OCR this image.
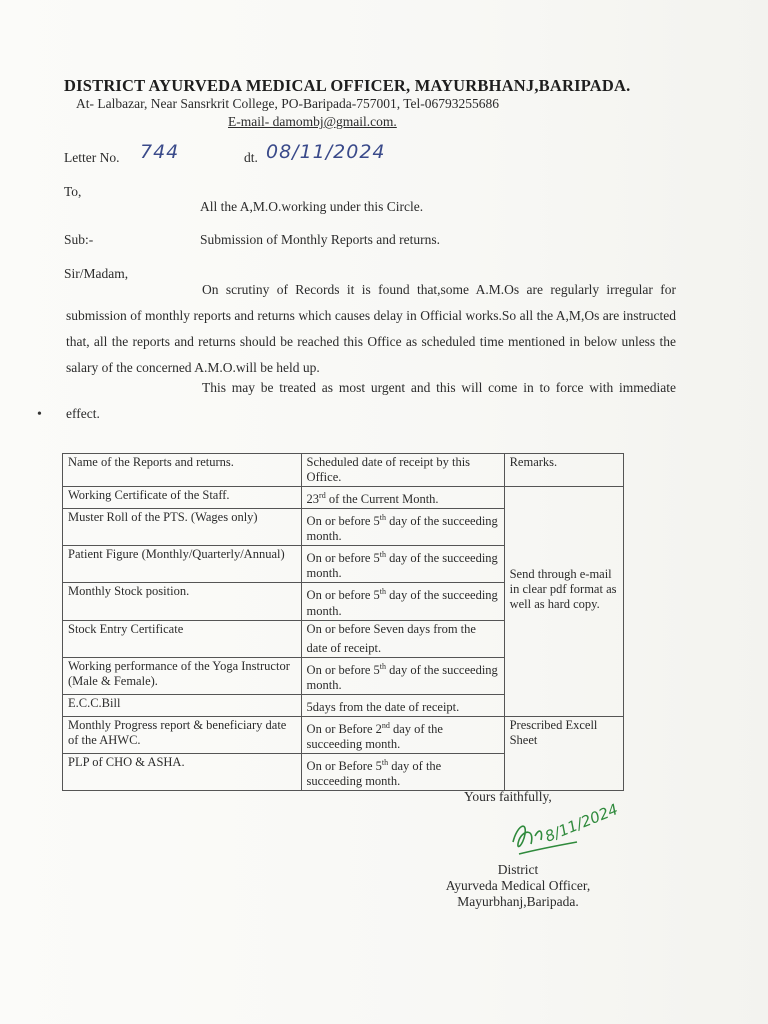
DISTRICT AYURVEDA MEDICAL OFFICER, MAYURBHANJ,BARIPADA.
At- Lalbazar, Near Sansrkrit College, PO-Baripada-757001, Tel-06793255686
E-mail- damombj@gmail.com.
Letter No. 744	dt. 08/11/2024
To,
All the A,M.O.working under this Circle.
Sub:-	Submission of Monthly Reports and returns.
Sir/Madam,
On scrutiny of Records it is found that,some A.M.Os are regularly irregular for submission of monthly reports and returns which causes delay in Official works.So all the A,M,Os are instructed that, all the reports and returns should be reached this Office as scheduled time mentioned in below unless the salary of the concerned A.M.O.will be held up.
This may be treated as most urgent and this will come in to force with immediate effect.
•
Name of the Reports and returns.	Scheduled date of receipt by this Office.	Remarks.
Working Certificate of the Staff.	23rd of the Current Month.	Send through e-mail in clear pdf format as well as hard copy.
Muster Roll of the PTS. (Wages only)	On or before 5th day of the succeeding month.	
Patient Figure (Monthly/Quarterly/Annual)	On or before 5th day of the succeeding month.	
Monthly Stock position.	On or before 5th day of the succeeding month.	
Stock Entry Certificate	On or before Seven days from the date of receipt.	
Working performance of the Yoga Instructor (Male & Female).	On or before 5th day of the succeeding month.	
E.C.C.Bill	5days from the date of receipt.	
Monthly Progress report & beneficiary date of the AHWC.	On or Before 2nd day of the succeeding month.	Prescribed Excell Sheet
PLP of CHO & ASHA.	On or Before 5th day of the succeeding month.	
Yours faithfully,
8/11/2024
District
Ayurveda Medical Officer,
Mayurbhanj,Baripada.
